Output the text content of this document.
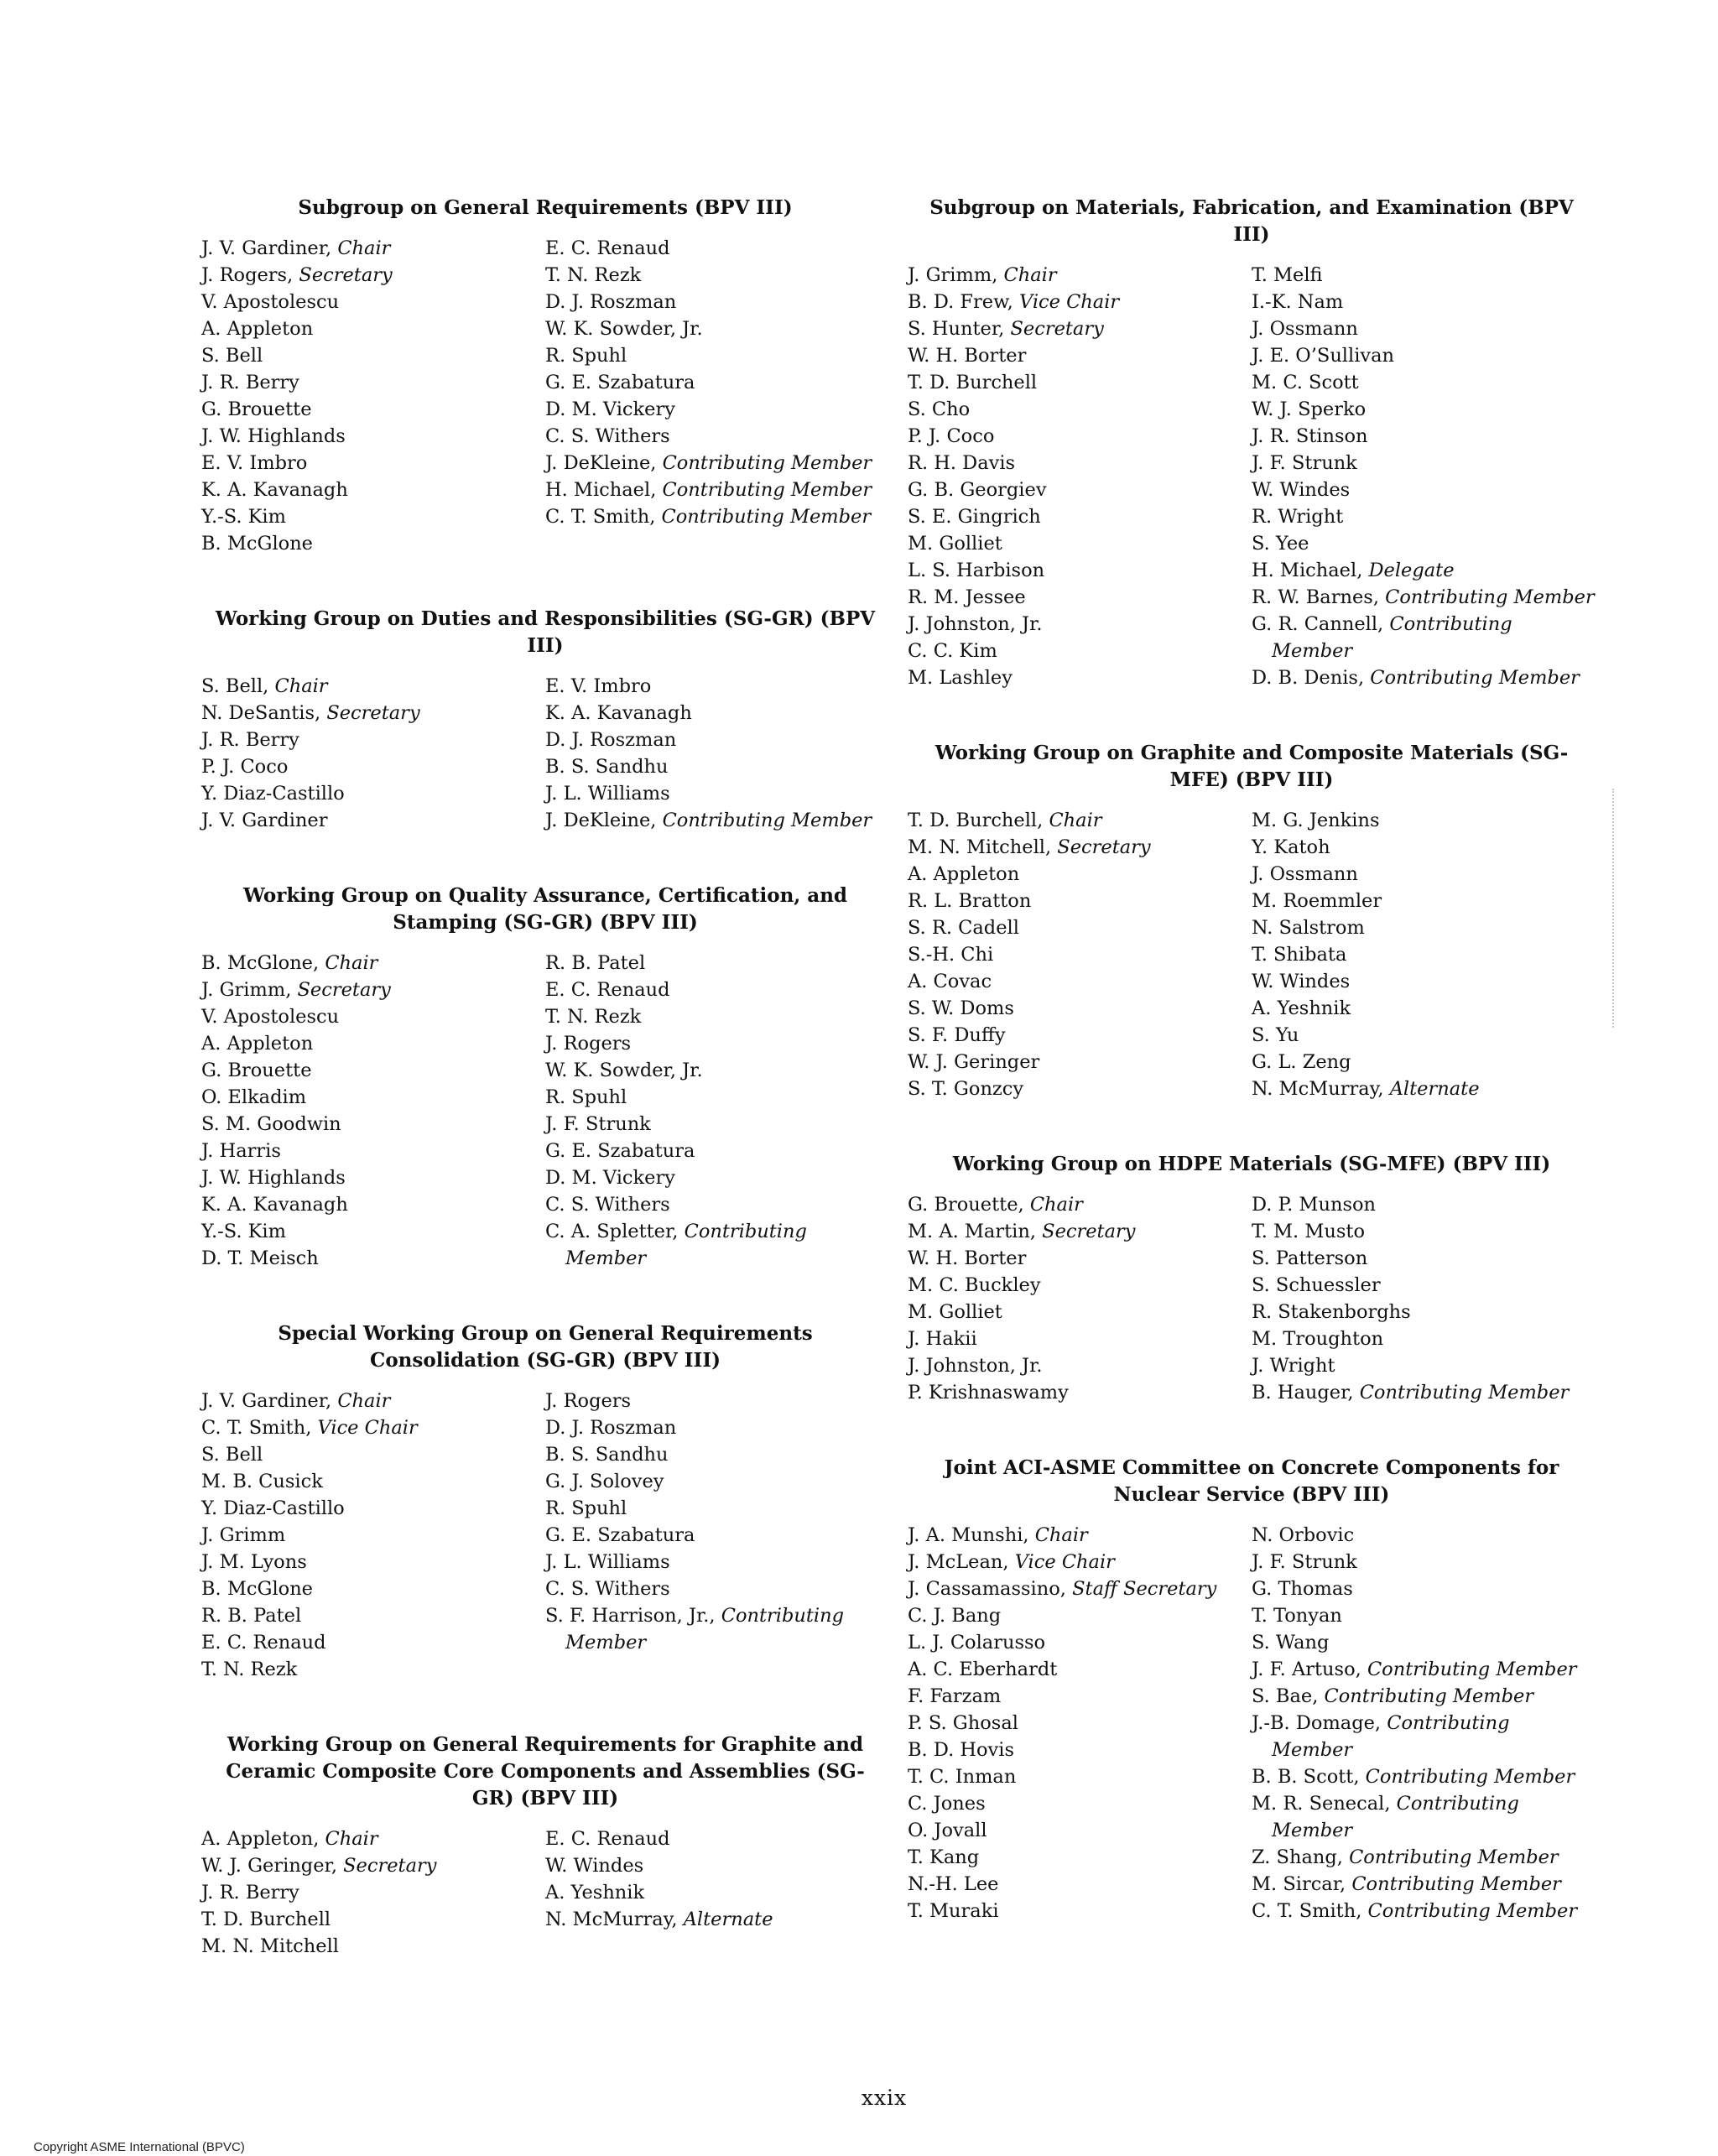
Subgroup on General Requirements (BPV III)
J. V. Gardiner, Chair
J. Rogers, Secretary
V. Apostolescu
A. Appleton
S. Bell
J. R. Berry
G. Brouette
J. W. Highlands
E. V. Imbro
K. A. Kavanagh
Y.-S. Kim
B. McGlone
E. C. Renaud
T. N. Rezk
D. J. Roszman
W. K. Sowder, Jr.
R. Spuhl
G. E. Szabatura
D. M. Vickery
C. S. Withers
J. DeKleine, Contributing Member
H. Michael, Contributing Member
C. T. Smith, Contributing Member
Working Group on Duties and Responsibilities (SG-GR) (BPV III)
S. Bell, Chair
N. DeSantis, Secretary
J. R. Berry
P. J. Coco
Y. Diaz-Castillo
J. V. Gardiner
E. V. Imbro
K. A. Kavanagh
D. J. Roszman
B. S. Sandhu
J. L. Williams
J. DeKleine, Contributing Member
Working Group on Quality Assurance, Certification, and Stamping (SG-GR) (BPV III)
B. McGlone, Chair
J. Grimm, Secretary
V. Apostolescu
A. Appleton
G. Brouette
O. Elkadim
S. M. Goodwin
J. Harris
J. W. Highlands
K. A. Kavanagh
Y.-S. Kim
D. T. Meisch
R. B. Patel
E. C. Renaud
T. N. Rezk
J. Rogers
W. K. Sowder, Jr.
R. Spuhl
J. F. Strunk
G. E. Szabatura
D. M. Vickery
C. S. Withers
C. A. Spletter, Contributing Member
Special Working Group on General Requirements Consolidation (SG-GR) (BPV III)
J. V. Gardiner, Chair
C. T. Smith, Vice Chair
S. Bell
M. B. Cusick
Y. Diaz-Castillo
J. Grimm
J. M. Lyons
B. McGlone
R. B. Patel
E. C. Renaud
T. N. Rezk
J. Rogers
D. J. Roszman
B. S. Sandhu
G. J. Solovey
R. Spuhl
G. E. Szabatura
J. L. Williams
C. S. Withers
S. F. Harrison, Jr., Contributing Member
Working Group on General Requirements for Graphite and Ceramic Composite Core Components and Assemblies (SG-GR) (BPV III)
A. Appleton, Chair
W. J. Geringer, Secretary
J. R. Berry
T. D. Burchell
M. N. Mitchell
E. C. Renaud
W. Windes
A. Yeshnik
N. McMurray, Alternate
Subgroup on Materials, Fabrication, and Examination (BPV III)
J. Grimm, Chair
B. D. Frew, Vice Chair
S. Hunter, Secretary
W. H. Borter
T. D. Burchell
S. Cho
P. J. Coco
R. H. Davis
G. B. Georgiev
S. E. Gingrich
M. Golliet
L. S. Harbison
R. M. Jessee
J. Johnston, Jr.
C. C. Kim
M. Lashley
T. Melfi
I.-K. Nam
J. Ossmann
J. E. O’Sullivan
M. C. Scott
W. J. Sperko
J. R. Stinson
J. F. Strunk
W. Windes
R. Wright
S. Yee
H. Michael, Delegate
R. W. Barnes, Contributing Member
G. R. Cannell, Contributing Member
D. B. Denis, Contributing Member
Working Group on Graphite and Composite Materials (SG-MFE) (BPV III)
T. D. Burchell, Chair
M. N. Mitchell, Secretary
A. Appleton
R. L. Bratton
S. R. Cadell
S.-H. Chi
A. Covac
S. W. Doms
S. F. Duffy
W. J. Geringer
S. T. Gonzcy
M. G. Jenkins
Y. Katoh
J. Ossmann
M. Roemmler
N. Salstrom
T. Shibata
W. Windes
A. Yeshnik
S. Yu
G. L. Zeng
N. McMurray, Alternate
Working Group on HDPE Materials (SG-MFE) (BPV III)
G. Brouette, Chair
M. A. Martin, Secretary
W. H. Borter
M. C. Buckley
M. Golliet
J. Hakii
J. Johnston, Jr.
P. Krishnaswamy
D. P. Munson
T. M. Musto
S. Patterson
S. Schuessler
R. Stakenborghs
M. Troughton
J. Wright
B. Hauger, Contributing Member
Joint ACI-ASME Committee on Concrete Components for Nuclear Service (BPV III)
J. A. Munshi, Chair
J. McLean, Vice Chair
J. Cassamassino, Staff Secretary
C. J. Bang
L. J. Colarusso
A. C. Eberhardt
F. Farzam
P. S. Ghosal
B. D. Hovis
T. C. Inman
C. Jones
O. Jovall
T. Kang
N.-H. Lee
T. Muraki
N. Orbovic
J. F. Strunk
G. Thomas
T. Tonyan
S. Wang
J. F. Artuso, Contributing Member
S. Bae, Contributing Member
J.-B. Domage, Contributing Member
B. B. Scott, Contributing Member
M. R. Senecal, Contributing Member
Z. Shang, Contributing Member
M. Sircar, Contributing Member
C. T. Smith, Contributing Member
xxix
Copyright ASME International (BPVC)
